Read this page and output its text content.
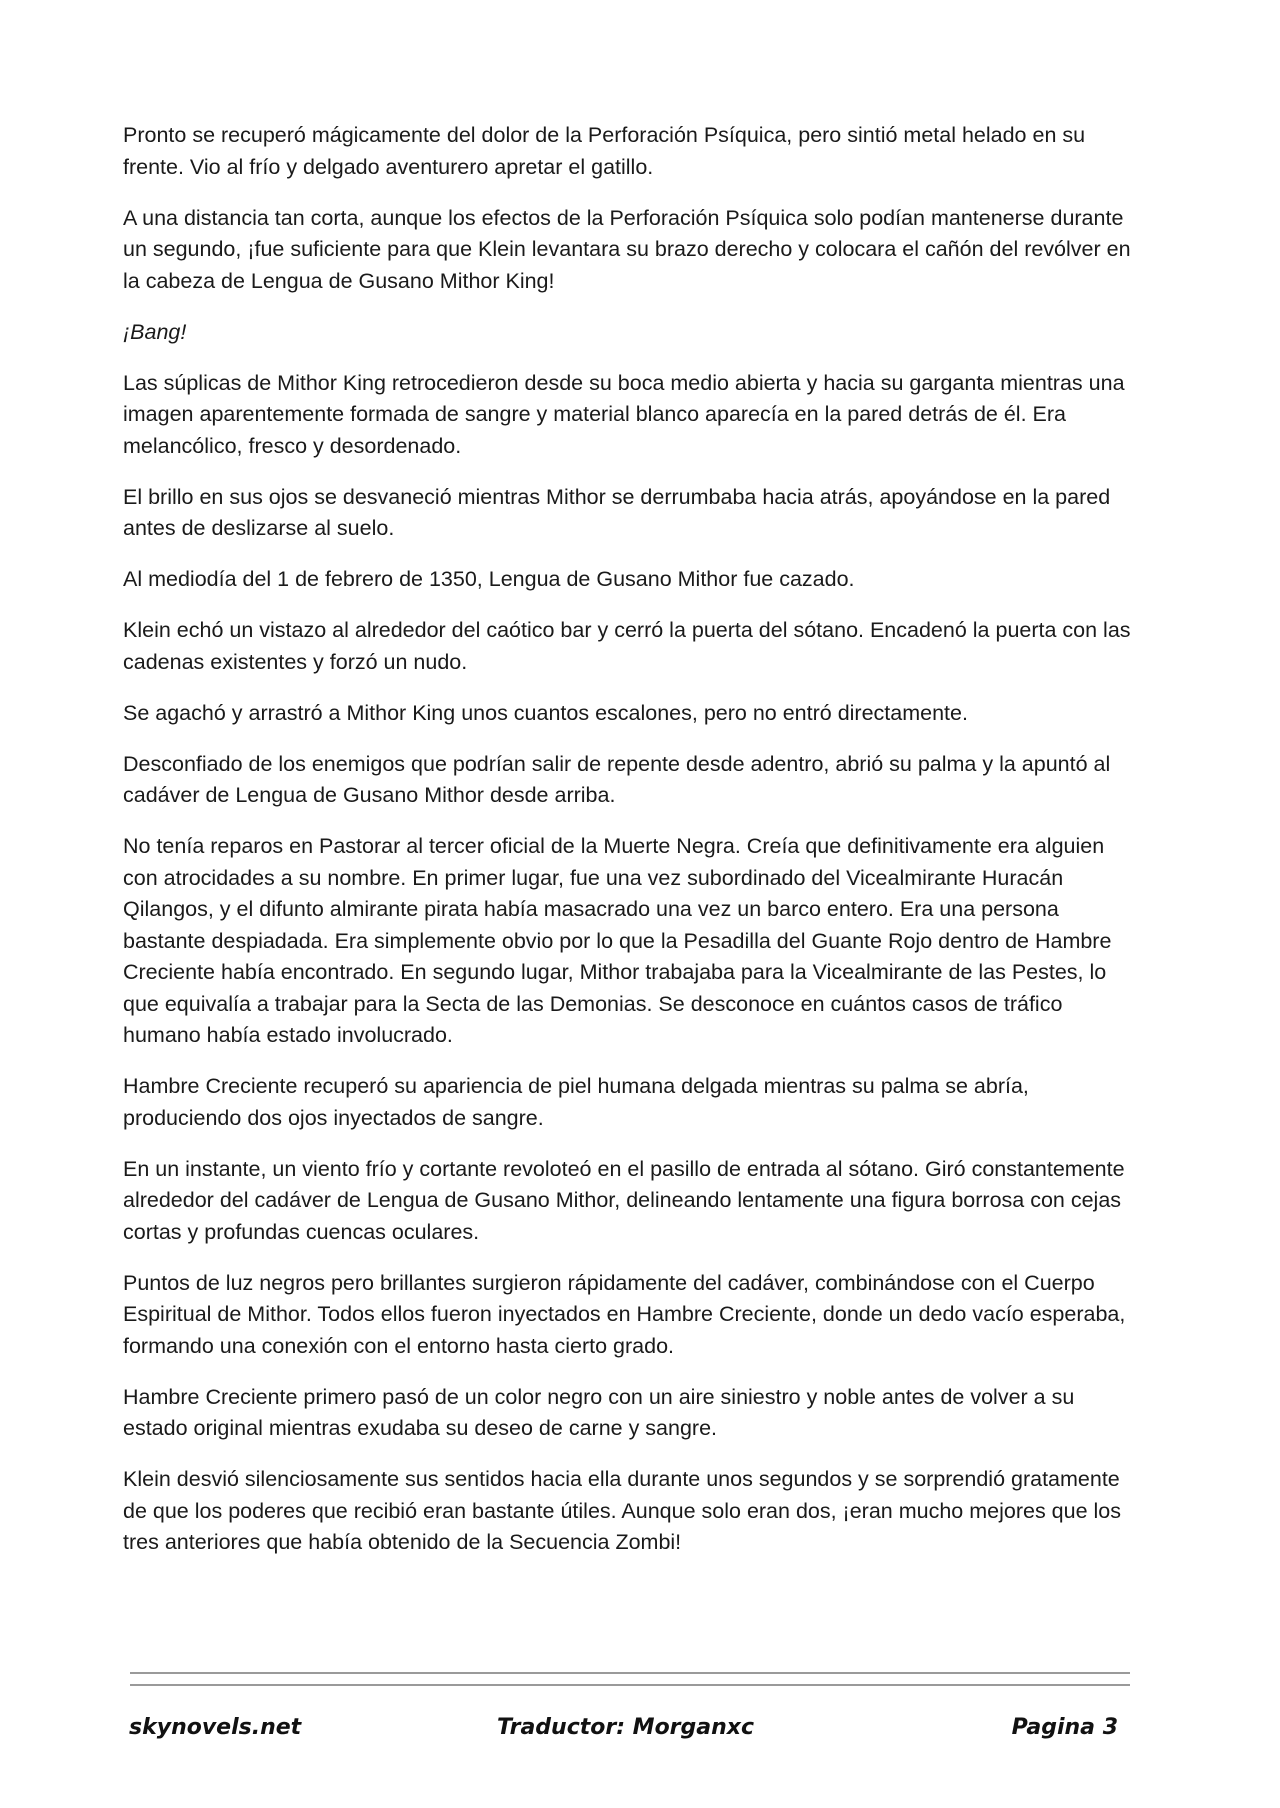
Pronto se recuperó mágicamente del dolor de la Perforación Psíquica, pero sintió metal helado en su frente. Vio al frío y delgado aventurero apretar el gatillo.

A una distancia tan corta, aunque los efectos de la Perforación Psíquica solo podían mantenerse durante un segundo, ¡fue suficiente para que Klein levantara su brazo derecho y colocara el cañón del revólver en la cabeza de Lengua de Gusano Mithor King!

¡Bang!

Las súplicas de Mithor King retrocedieron desde su boca medio abierta y hacia su garganta mientras una imagen aparentemente formada de sangre y material blanco aparecía en la pared detrás de él. Era melancólico, fresco y desordenado.

El brillo en sus ojos se desvaneció mientras Mithor se derrumbaba hacia atrás, apoyándose en la pared antes de deslizarse al suelo.

Al mediodía del 1 de febrero de 1350, Lengua de Gusano Mithor fue cazado.

Klein echó un vistazo al alrededor del caótico bar y cerró la puerta del sótano. Encadenó la puerta con las cadenas existentes y forzó un nudo.

Se agachó y arrastró a Mithor King unos cuantos escalones, pero no entró directamente.

Desconfiado de los enemigos que podrían salir de repente desde adentro, abrió su palma y la apuntó al cadáver de Lengua de Gusano Mithor desde arriba.

No tenía reparos en Pastorar al tercer oficial de la Muerte Negra. Creía que definitivamente era alguien con atrocidades a su nombre. En primer lugar, fue una vez subordinado del Vicealmirante Huracán Qilangos, y el difunto almirante pirata había masacrado una vez un barco entero. Era una persona bastante despiadada. Era simplemente obvio por lo que la Pesadilla del Guante Rojo dentro de Hambre Creciente había encontrado. En segundo lugar, Mithor trabajaba para la Vicealmirante de las Pestes, lo que equivalía a trabajar para la Secta de las Demonias. Se desconoce en cuántos casos de tráfico humano había estado involucrado.

Hambre Creciente recuperó su apariencia de piel humana delgada mientras su palma se abría, produciendo dos ojos inyectados de sangre.

En un instante, un viento frío y cortante revoloteó en el pasillo de entrada al sótano. Giró constantemente alrededor del cadáver de Lengua de Gusano Mithor, delineando lentamente una figura borrosa con cejas cortas y profundas cuencas oculares.

Puntos de luz negros pero brillantes surgieron rápidamente del cadáver, combinándose con el Cuerpo Espiritual de Mithor. Todos ellos fueron inyectados en Hambre Creciente, donde un dedo vacío esperaba, formando una conexión con el entorno hasta cierto grado.

Hambre Creciente primero pasó de un color negro con un aire siniestro y noble antes de volver a su estado original mientras exudaba su deseo de carne y sangre.

Klein desvió silenciosamente sus sentidos hacia ella durante unos segundos y se sorprendió gratamente de que los poderes que recibió eran bastante útiles. Aunque solo eran dos, ¡eran mucho mejores que los tres anteriores que había obtenido de la Secuencia Zombi!

skynovels.net	Traductor: Morganxc	Pagina 3
